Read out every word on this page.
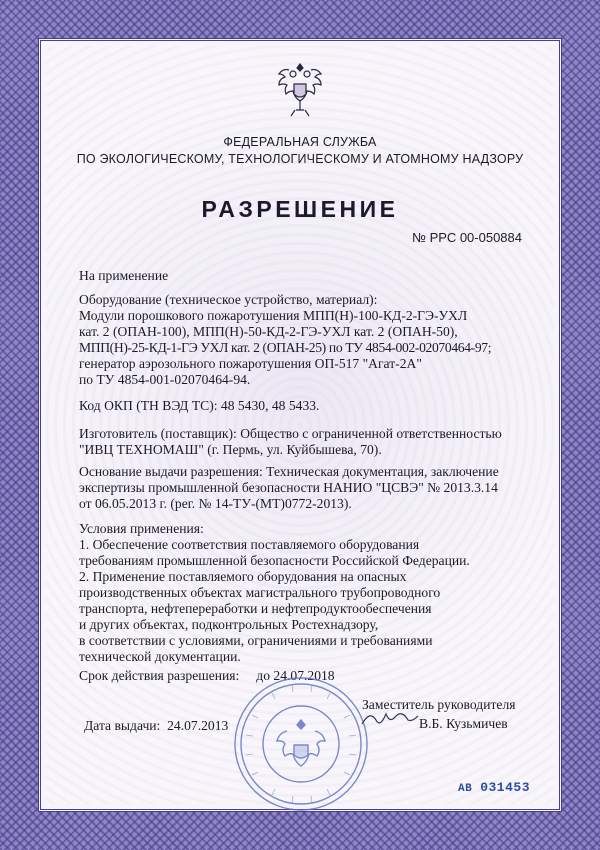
ФЕДЕРАЛЬНАЯ СЛУЖБА
ПО ЭКОЛОГИЧЕСКОМУ, ТЕХНОЛОГИЧЕСКОМУ И АТОМНОМУ НАДЗОРУ
РАЗРЕШЕНИЕ
№ РРС 00-050884
На применение
Оборудование (техническое устройство, материал):
Модули порошкового пожаротушения МПП(Н)-100-КД-2-ГЭ-УХЛ
кат. 2 (ОПАН-100), МПП(Н)-50-КД-2-ГЭ-УХЛ кат. 2 (ОПАН-50),
МПП(Н)-25-КД-1-ГЭ УХЛ кат. 2 (ОПАН-25) по ТУ 4854-002-02070464-97;
генератор аэрозольного пожаротушения ОП-517 "Агат-2А"
по ТУ 4854-001-02070464-94.
Код ОКП (ТН ВЭД ТС): 48 5430, 48 5433.
Изготовитель (поставщик): Общество с ограниченной ответственностью
"ИВЦ ТЕХНОМАШ" (г. Пермь, ул. Куйбышева, 70).
Основание выдачи разрешения: Техническая документация, заключение
экспертизы промышленной безопасности НАНИО "ЦСВЭ" № 2013.3.14
от 06.05.2013 г. (рег. № 14-ТУ-(МТ)0772-2013).
Условия применения:
1. Обеспечение соответствия поставляемого оборудования
требованиям промышленной безопасности Российской Федерации.
2. Применение поставляемого оборудования на опасных
производственных объектах магистрального трубопроводного
транспорта, нефтепереработки и нефтепродуктообеспечения
и других объектах, подконтрольных Ростехнадзору,
в соответствии с условиями, ограничениями и требованиями
технической документации.
Срок действия разрешения:     до 24.07.2018
Заместитель руководителя
В.Б. Кузьмичев
Дата выдачи:  24.07.2013
АВ 031453
